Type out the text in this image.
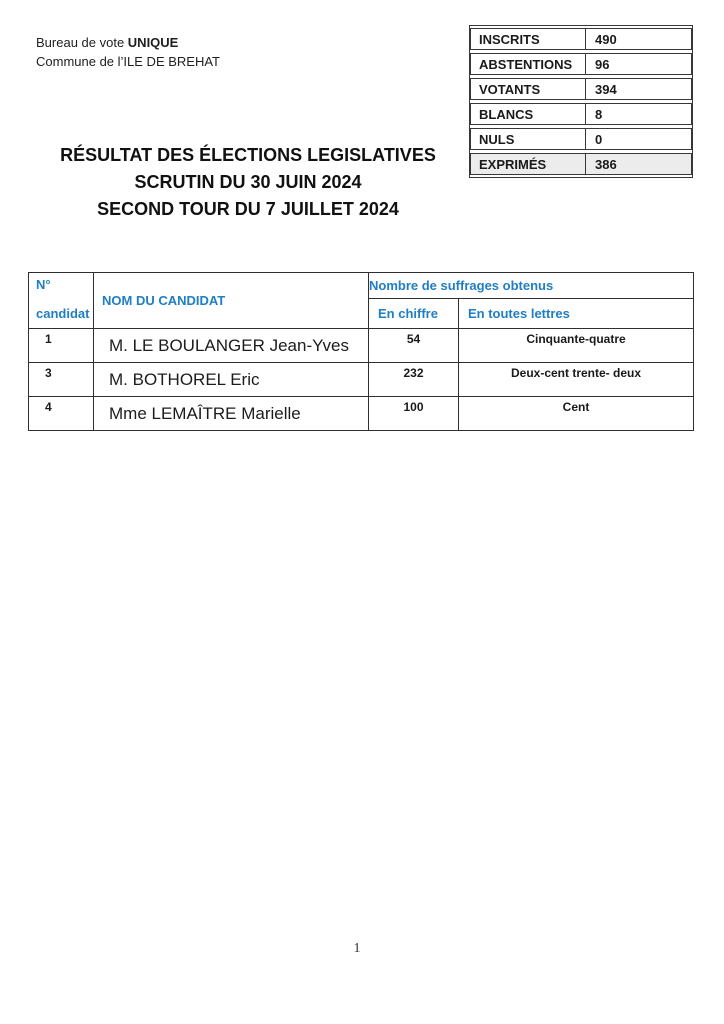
Bureau de vote UNIQUE
Commune de l’ILE DE BREHAT
INSCRITS	490
ABSTENTIONS	96
VOTANTS	394
BLANCS	8
NULS	0
EXPRIMÉS	386
RÉSULTAT DES ÉLECTIONS LEGISLATIVES
SCRUTIN DU 30 JUIN 2024
SECOND TOUR DU 7 JUILLET 2024
N°
candidat	NOM DU CANDIDAT	Nombre de suffrages obtenus	
		En chiffre	En toutes lettres
1	M. LE BOULANGER Jean-Yves	54	Cinquante-quatre
3	M. BOTHOREL Eric	232	Deux-cent trente- deux
4	Mme LEMAÎTRE Marielle	100	Cent
1
